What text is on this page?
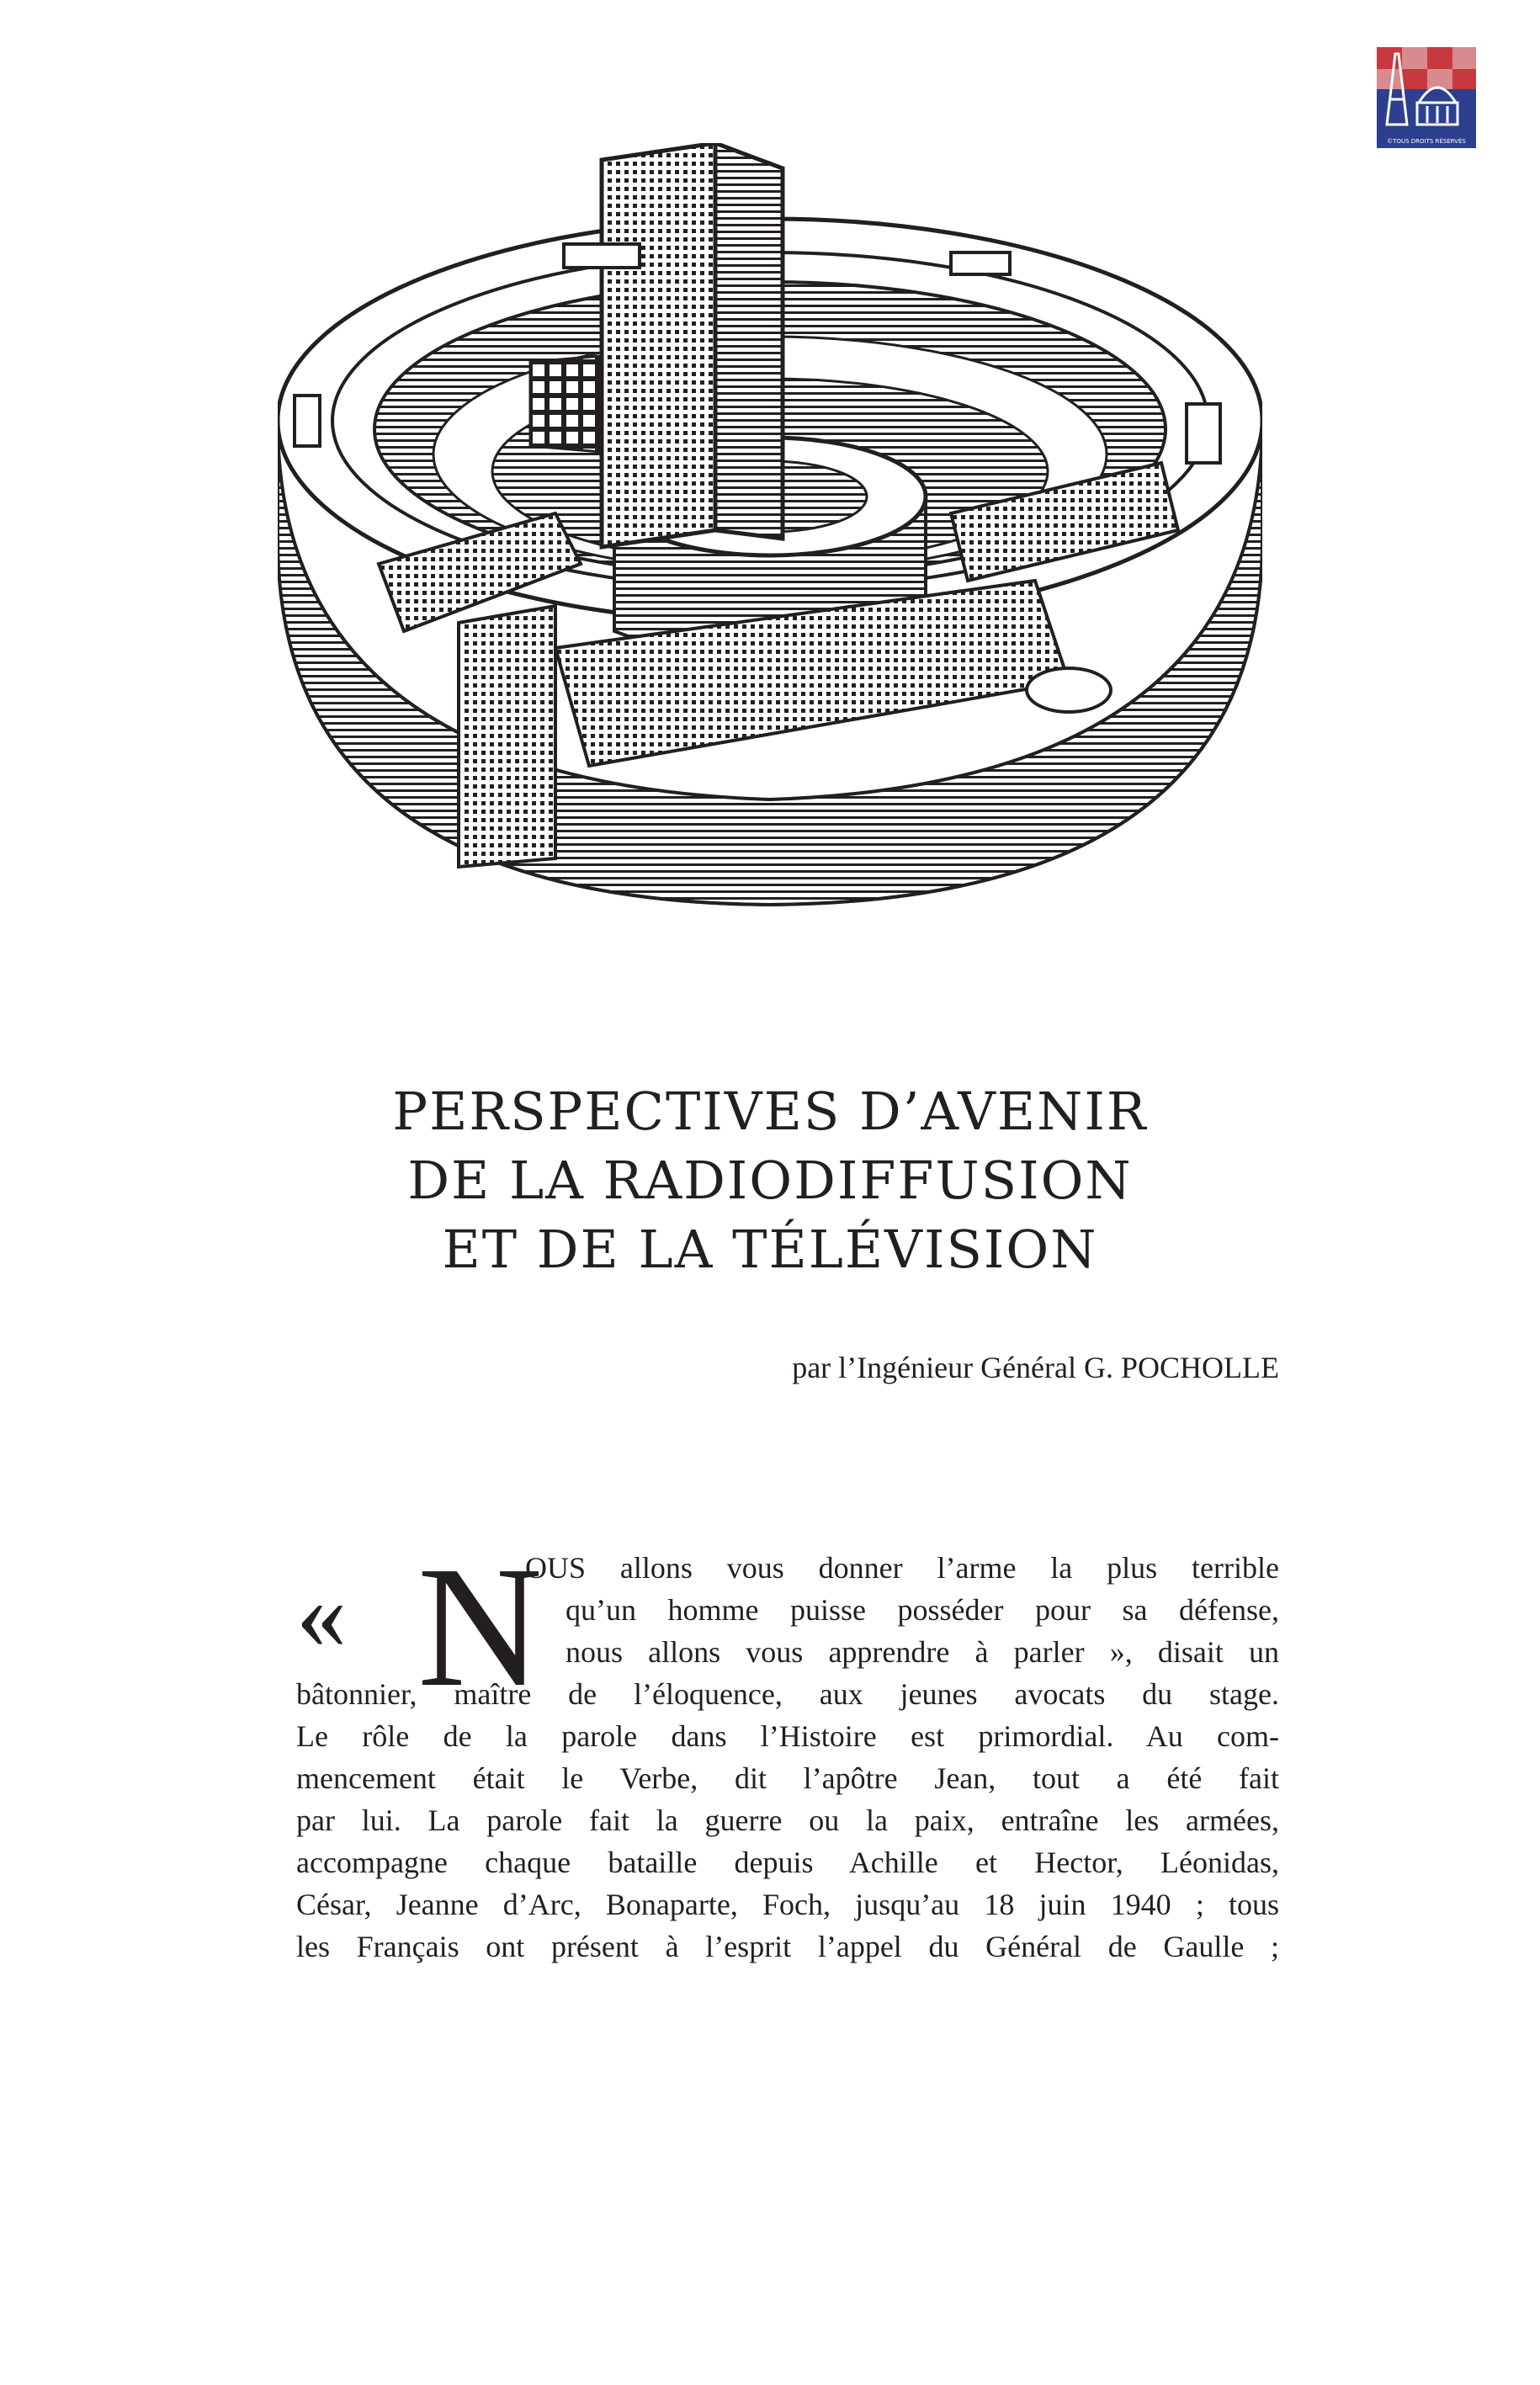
©TOUS DROITS RÉSERVÉS
PERSPECTIVES D’AVENIR
DE LA RADIODIFFUSION
ET DE LA TÉLÉVISION
par l’Ingénieur Général G. POCHOLLE
« N
OUS allons vous donner l’arme la plus terrible
qu’un homme puisse posséder pour sa défense,
nous allons vous apprendre à parler », disait un
bâtonnier, maître de l’éloquence, aux jeunes avocats du stage.
Le rôle de la parole dans l’Histoire est primordial. Au com-
mencement était le Verbe, dit l’apôtre Jean, tout a été fait
par lui. La parole fait la guerre ou la paix, entraîne les armées,
accompagne chaque bataille depuis Achille et Hector, Léonidas,
César, Jeanne d’Arc, Bonaparte, Foch, jusqu’au 18 juin 1940 ; tous
les Français ont présent à l’esprit l’appel du Général de Gaulle ;
